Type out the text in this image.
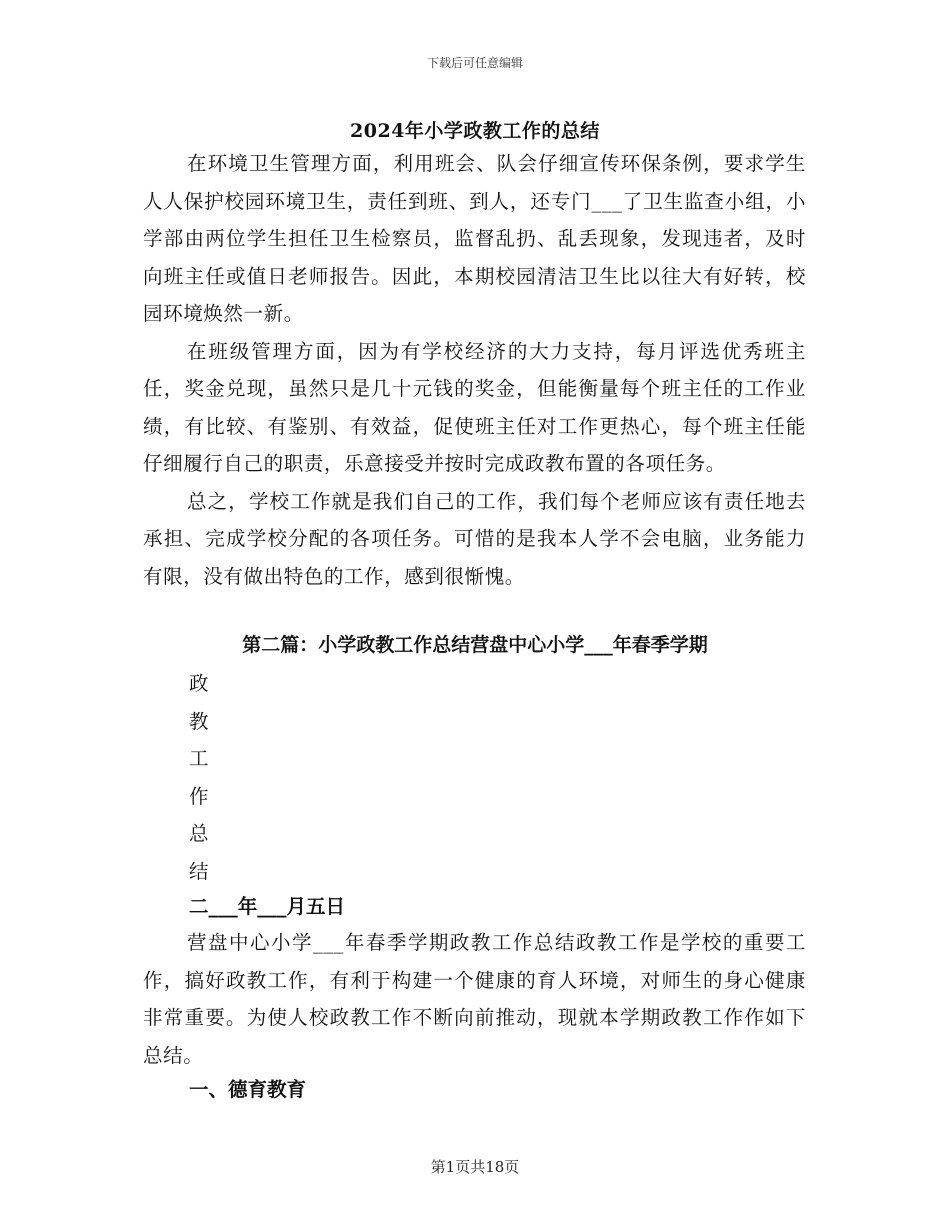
下载后可任意编辑
2024年小学政教工作的总结

在环境卫生管理方面，利用班会、队会仔细宣传环保条例，要求学生人人保护校园环境卫生，责任到班、到人，还专门___了卫生监查小组，小学部由两位学生担任卫生检察员，监督乱扔、乱丢现象，发现违者，及时向班主任或值日老师报告。因此，本期校园清洁卫生比以往大有好转，校园环境焕然一新。

在班级管理方面，因为有学校经济的大力支持，每月评选优秀班主任，奖金兑现，虽然只是几十元钱的奖金，但能衡量每个班主任的工作业绩，有比较、有鉴别、有效益，促使班主任对工作更热心，每个班主任能仔细履行自己的职责，乐意接受并按时完成政教布置的各项任务。

总之，学校工作就是我们自己的工作，我们每个老师应该有责任地去承担、完成学校分配的各项任务。可惜的是我本人学不会电脑，业务能力有限，没有做出特色的工作，感到很惭愧。

第二篇：小学政教工作总结营盘中心小学___年春季学期
政
教
工
作
总
结
二___年___月五日

营盘中心小学___年春季学期政教工作总结政教工作是学校的重要工作，搞好政教工作，有利于构建一个健康的育人环境，对师生的身心健康非常重要。为使人校政教工作不断向前推动，现就本学期政教工作作如下总结。

一、德育教育
第1页共18页
